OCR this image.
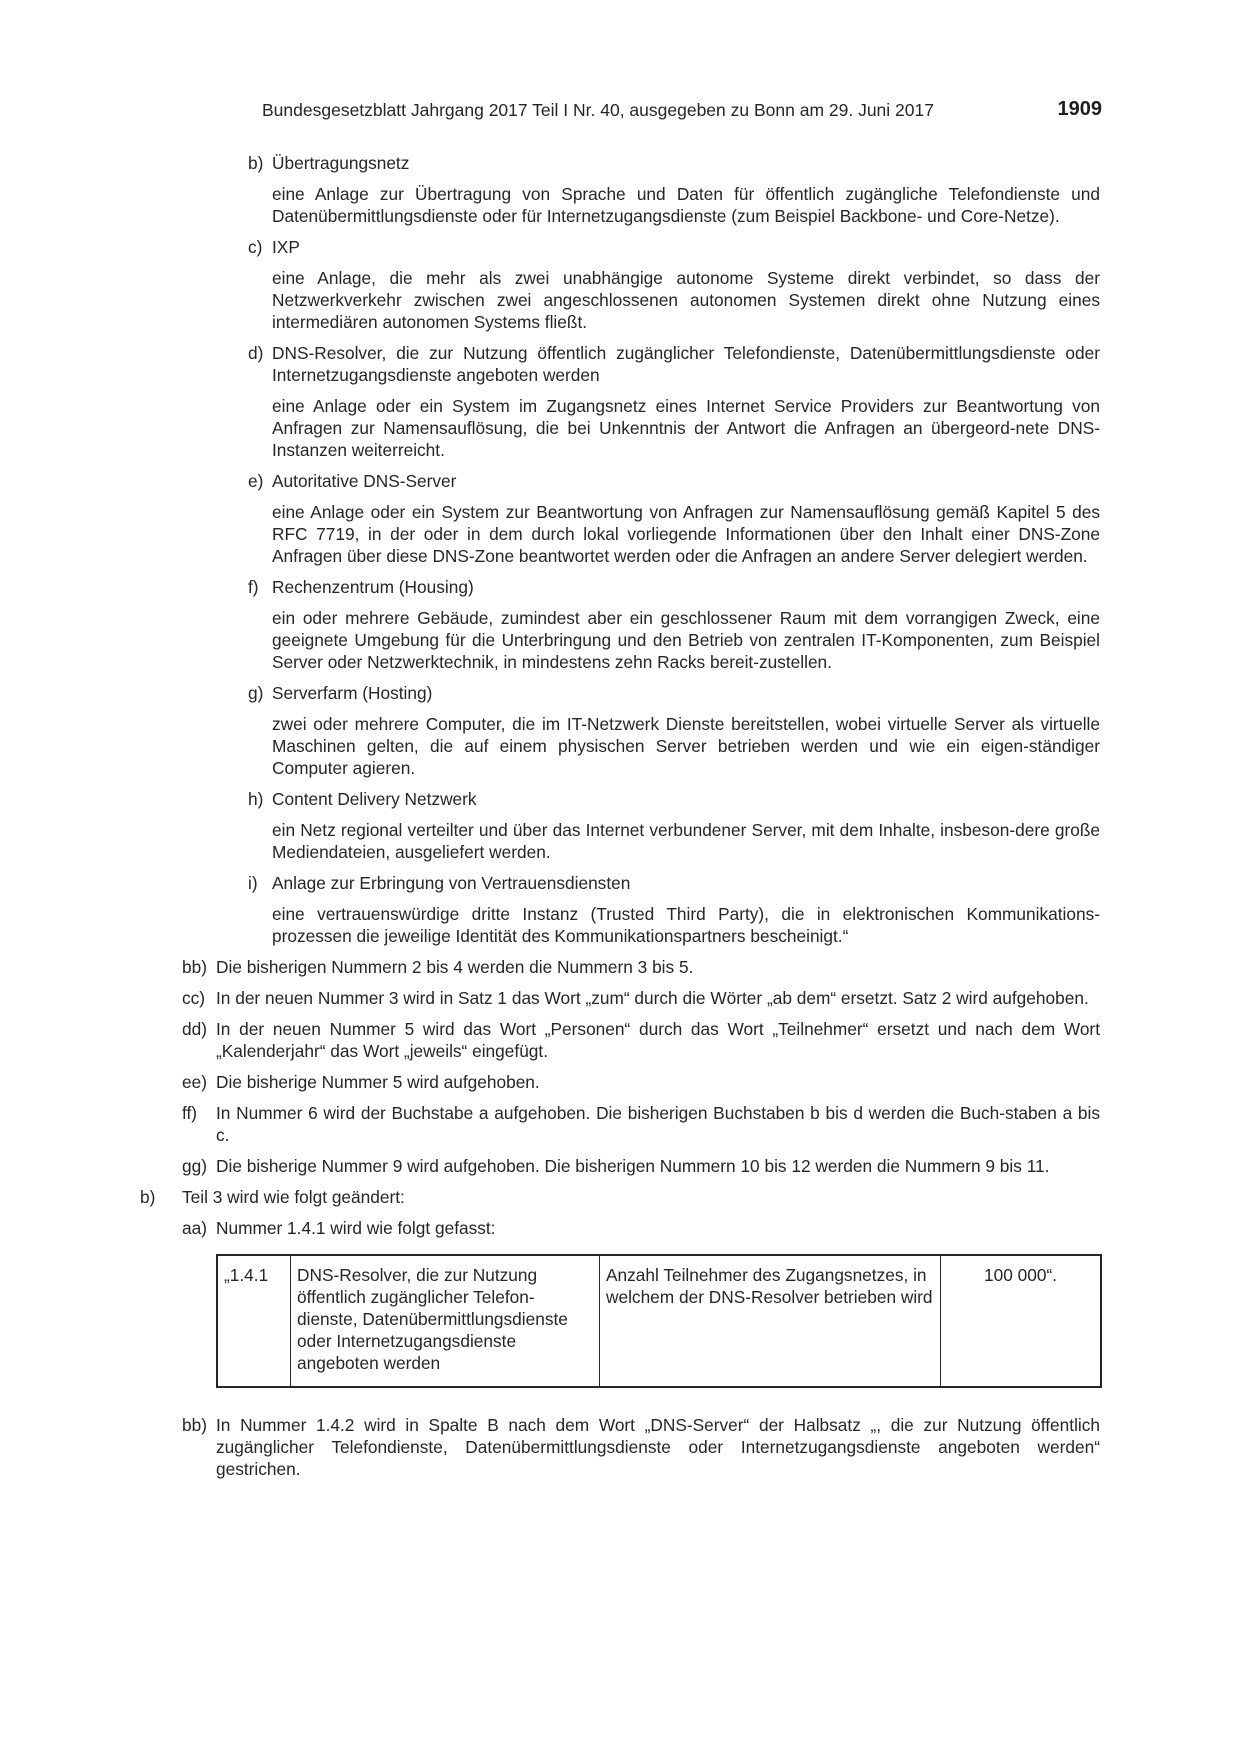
Bundesgesetzblatt Jahrgang 2017 Teil I Nr. 40, ausgegeben zu Bonn am 29. Juni 2017	1909
b) Übertragungsnetz
eine Anlage zur Übertragung von Sprache und Daten für öffentlich zugängliche Telefondienste und Datenübermittlungsdienste oder für Internetzugangsdienste (zum Beispiel Backbone- und Core-Netze).
c) IXP
eine Anlage, die mehr als zwei unabhängige autonome Systeme direkt verbindet, so dass der Netzwerkverkehr zwischen zwei angeschlossenen autonomen Systemen direkt ohne Nutzung eines intermediären autonomen Systems fließt.
d) DNS-Resolver, die zur Nutzung öffentlich zugänglicher Telefondienste, Datenübermittlungsdienste oder Internetzugangsdienste angeboten werden
eine Anlage oder ein System im Zugangsnetz eines Internet Service Providers zur Beantwortung von Anfragen zur Namensauflösung, die bei Unkenntnis der Antwort die Anfragen an übergeord-nete DNS-Instanzen weiterreicht.
e) Autoritative DNS-Server
eine Anlage oder ein System zur Beantwortung von Anfragen zur Namensauflösung gemäß Kapitel 5 des RFC 7719, in der oder in dem durch lokal vorliegende Informationen über den Inhalt einer DNS-Zone Anfragen über diese DNS-Zone beantwortet werden oder die Anfragen an andere Server delegiert werden.
f) Rechenzentrum (Housing)
ein oder mehrere Gebäude, zumindest aber ein geschlossener Raum mit dem vorrangigen Zweck, eine geeignete Umgebung für die Unterbringung und den Betrieb von zentralen IT-Komponenten, zum Beispiel Server oder Netzwerktechnik, in mindestens zehn Racks bereit-zustellen.
g) Serverfarm (Hosting)
zwei oder mehrere Computer, die im IT-Netzwerk Dienste bereitstellen, wobei virtuelle Server als virtuelle Maschinen gelten, die auf einem physischen Server betrieben werden und wie ein eigen-ständiger Computer agieren.
h) Content Delivery Netzwerk
ein Netz regional verteilter und über das Internet verbundener Server, mit dem Inhalte, insbeson-dere große Mediendateien, ausgeliefert werden.
i) Anlage zur Erbringung von Vertrauensdiensten
eine vertrauenswürdige dritte Instanz (Trusted Third Party), die in elektronischen Kommunikations-prozessen die jeweilige Identität des Kommunikationspartners bescheinigt.“
bb) Die bisherigen Nummern 2 bis 4 werden die Nummern 3 bis 5.
cc) In der neuen Nummer 3 wird in Satz 1 das Wort „zum“ durch die Wörter „ab dem“ ersetzt. Satz 2 wird aufgehoben.
dd) In der neuen Nummer 5 wird das Wort „Personen“ durch das Wort „Teilnehmer“ ersetzt und nach dem Wort „Kalenderjahr“ das Wort „jeweils“ eingefügt.
ee) Die bisherige Nummer 5 wird aufgehoben.
ff) In Nummer 6 wird der Buchstabe a aufgehoben. Die bisherigen Buchstaben b bis d werden die Buch-staben a bis c.
gg) Die bisherige Nummer 9 wird aufgehoben. Die bisherigen Nummern 10 bis 12 werden die Nummern 9 bis 11.
b) Teil 3 wird wie folgt geändert:
aa) Nummer 1.4.1 wird wie folgt gefasst:
„1.4.1	DNS-Resolver, die zur Nutzung öffentlich zugänglicher Telefon-dienste, Datenübermittlungsdienste oder Internetzugangsdienste angeboten werden	Anzahl Teilnehmer des Zugangsnetzes, in welchem der DNS-Resolver betrieben wird	100 000“.
bb) In Nummer 1.4.2 wird in Spalte B nach dem Wort „DNS-Server“ der Halbsatz „, die zur Nutzung öffentlich zugänglicher Telefondienste, Datenübermittlungsdienste oder Internetzugangsdienste angeboten werden“ gestrichen.
